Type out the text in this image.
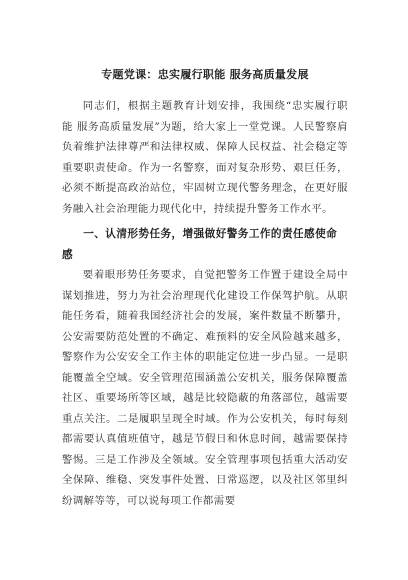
专题党课：忠实履行职能 服务高质量发展

同志们，根据主题教育计划安排，我围绕“忠实履行职能 服务高质量发展”为题，给大家上一堂党课。人民警察肩负着维护法律尊严和法律权威、保障人民权益、社会稳定等重要职责使命。作为一名警察，面对复杂形势、艰巨任务，必须不断提高政治站位，牢固树立现代警务理念，在更好服务融入社会治理能力现代化中，持续提升警务工作水平。

一、认清形势任务，增强做好警务工作的责任感使命感

要着眼形势任务要求，自觉把警务工作置于建设全局中谋划推进，努力为社会治理现代化建设工作保驾护航。从职能任务看，随着我国经济社会的发展，案件数量不断攀升，公安需要防范处置的不确定、难预料的安全风险越来越多，警察作为公安安全工作主体的职能定位进一步凸显。一是职能覆盖全空域。安全管理范围涵盖公安机关，服务保障覆盖社区、重要场所等区域，越是比较隐蔽的角落部位，越需要重点关注。二是履职呈现全时域。作为公安机关，每时每刻都需要认真值班值守，越是节假日和休息时间，越需要保持警惕。三是工作涉及全领域。安全管理事项包括重大活动安全保障、维稳、突发事件处置、日常巡逻，以及社区邻里纠纷调解等等，可以说每项工作都需要
